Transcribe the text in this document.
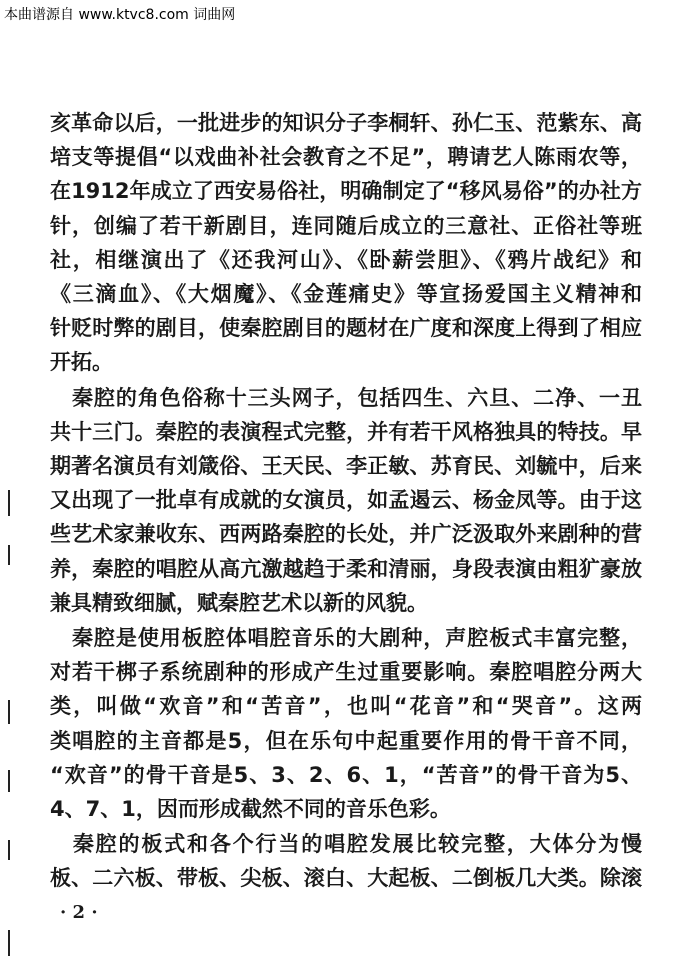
本曲谱源自 www.ktvc8.com 词曲网
亥革命以后，一批进步的知识分子李桐轩、孙仁玉、范紫东、高
培支等提倡“以戏曲补社会教育之不足”，聘请艺人陈雨农等，
在1912年成立了西安易俗社，明确制定了“移风易俗”的办社方
针，创编了若干新剧目，连同随后成立的三意社、正俗社等班
社，相继演出了《还我河山》、《卧薪尝胆》、《鸦片战纪》和
《三滴血》、《大烟魔》、《金莲痛史》等宣扬爱国主义精神和
针贬时弊的剧目，使秦腔剧目的题材在广度和深度上得到了相应
开拓。
　秦腔的角色俗称十三头网子，包括四生、六旦、二净、一丑
共十三门。秦腔的表演程式完整，并有若干风格独具的特技。早
期著名演员有刘箴俗、王天民、李正敏、苏育民、刘毓中，后来
又出现了一批卓有成就的女演员，如孟遏云、杨金凤等。由于这
些艺术家兼收东、西两路秦腔的长处，并广泛汲取外来剧种的营
养，秦腔的唱腔从高亢激越趋于柔和清丽，身段表演由粗犷豪放
兼具精致细腻，赋秦腔艺术以新的风貌。
　秦腔是使用板腔体唱腔音乐的大剧种，声腔板式丰富完整，
对若干梆子系统剧种的形成产生过重要影响。秦腔唱腔分两大
类，叫做“欢音”和“苦音”，也叫“花音”和“哭音”。这两
类唱腔的主音都是5，但在乐句中起重要作用的骨干音不同，
“欢音”的骨干音是5、3、2、6、1，“苦音”的骨干音为5、
4、7、1，因而形成截然不同的音乐色彩。
　秦腔的板式和各个行当的唱腔发展比较完整，大体分为慢
板、二六板、带板、尖板、滚白、大起板、二倒板几大类。除滚
· 2 ·
